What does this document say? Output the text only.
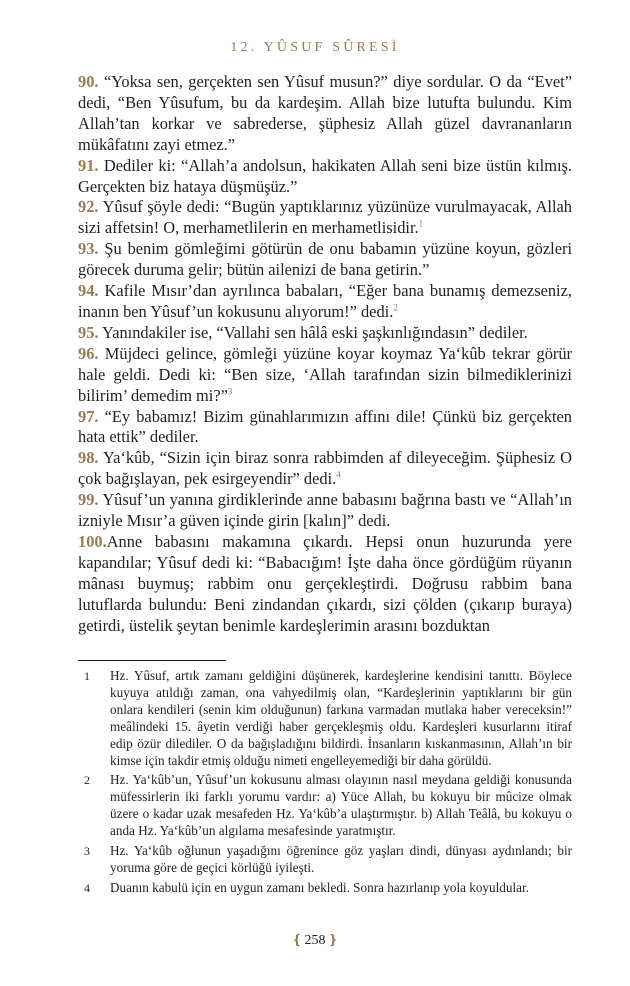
12. YÛSUF SÛRESİ

90. “Yoksa sen, gerçekten sen Yûsuf musun?” diye sordular. O da “Evet” dedi, “Ben Yûsufum, bu da kardeşim. Allah bize lutufta bulundu. Kim Allah’tan korkar ve sabrederse, şüphesiz Allah güzel davrananların mükâfatını zayi etmez.”

91. Dediler ki: “Allah’a andolsun, hakikaten Allah seni bize üstün kılmış. Gerçekten biz hataya düşmüşüz.”

92. Yûsuf şöyle dedi: “Bugün yaptıklarınız yüzünüze vurulmayacak, Allah sizi affetsin! O, merhametlilerin en merhametlisidir.$^1$

93. Şu benim gömleğimi götürün de onu babamın yüzüne koyun, gözleri görecek duruma gelir; bütün ailenizi de bana getirin.”

94. Kafile Mısır’dan ayrılınca babaları, “Eğer bana bunamış demezseniz, inanın ben Yûsuf’un kokusunu alıyorum!” dedi.$^2$

95. Yanındakiler ise, “Vallahi sen hâlâ eski şaşkınlığındasın” dediler.

96. Müjdeci gelince, gömleği yüzüne koyar koymaz Ya‘kûb tekrar görür hale geldi. Dedi ki: “Ben size, ‘Allah tarafından sizin bilmediklerinizi bilirim’ demedim mi?”$^3$

97. “Ey babamız! Bizim günahlarımızın affını dile! Çünkü biz gerçekten hata ettik” dediler.

98. Ya‘kûb, “Sizin için biraz sonra rabbimden af dileyeceğim. Şüphesiz O çok bağışlayan, pek esirgeyendir” dedi.$^4$

99. Yûsuf’un yanına girdiklerinde anne babasını bağrına bastı ve “Allah’ın izniyle Mısır’a güven içinde girin [kalın]” dedi.

100.Anne babasını makamına çıkardı. Hepsi onun huzurunda yere kapandılar; Yûsuf dedi ki: “Babacığım! İşte daha önce gördüğüm rüyanın mânası buymuş; rabbim onu gerçekleştirdi. Doğrusu rabbim bana lutuflarda bulundu: Beni zindandan çıkardı, sizi çölden (çıkarıp buraya) getirdi, üstelik şeytan benimle kardeşlerimin arasını bozduktan

1	Hz. Yûsuf, artık zamanı geldiğini düşünerek, kardeşlerine kendisini tanıttı. Böylece kuyuya atıldığı zaman, ona vahyedilmiş olan, “Kardeşlerinin yaptıklarını bir gün onlara kendileri (senin kim olduğunun) farkına varmadan mutlaka haber vereceksin!” meâlindeki 15. âyetin verdiği haber gerçekleşmiş oldu. Kardeşleri kusurlarını itiraf edip özür dilediler. O da bağışladığını bildirdi. İnsanların kıskanmasının, Allah’ın bir kimse için takdir etmiş olduğu nimeti engelleyemediği bir daha görüldü.
2	Hz. Ya‘kûb’un, Yûsuf’un kokusunu alması olayının nasıl meydana geldiği konusunda müfessirlerin iki farklı yorumu vardır: a) Yüce Allah, bu kokuyu bir mûcize olmak üzere o kadar uzak mesafeden Hz. Ya‘kûb’a ulaştırmıştır. b) Allah Teâlâ, bu kokuyu o anda Hz. Ya‘kûb’un algılama mesafesinde yaratmıştır.
3	Hz. Ya‘kûb oğlunun yaşadığını öğrenince göz yaşları dindi, dünyası aydınlandı; bir yoruma göre de geçici körlüğü iyileşti.
4	Duanın kabulü için en uygun zamanı bekledi. Sonra hazırlanıp yola koyuldular.
❴ 258 ❵
